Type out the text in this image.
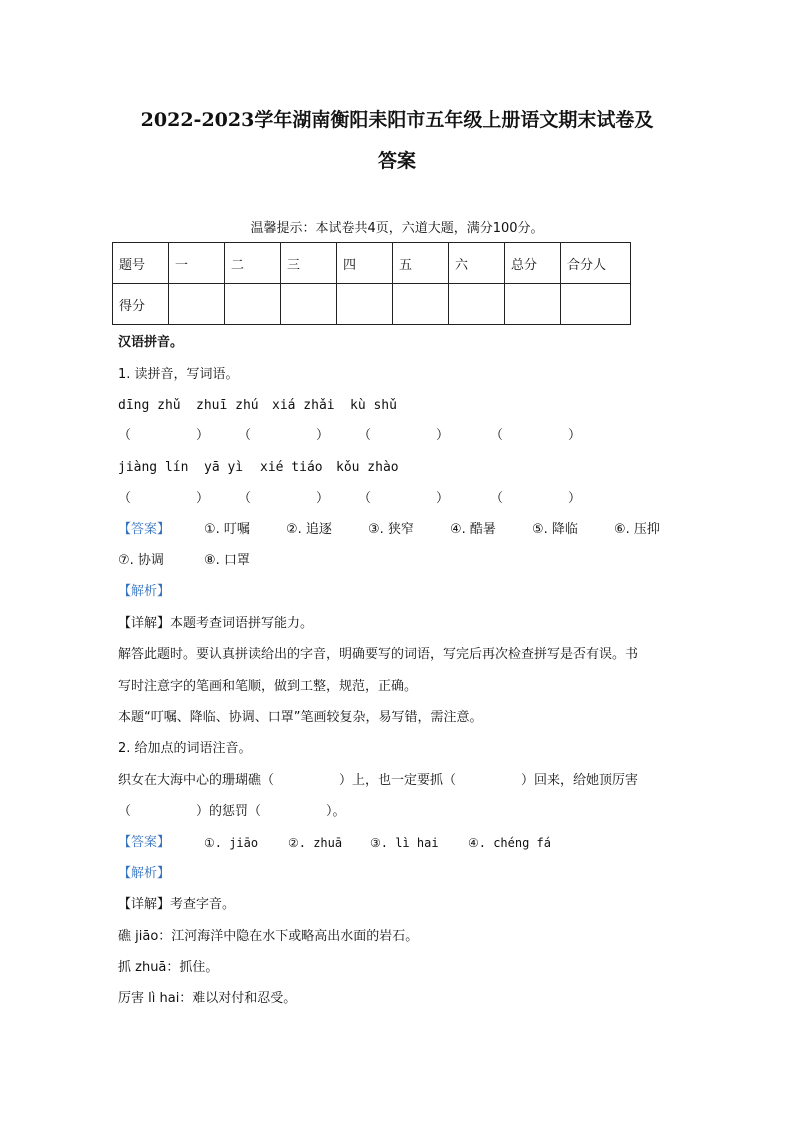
2022-2023学年湖南衡阳耒阳市五年级上册语文期末试卷及
答案
温馨提示：本试卷共4页，六道大题，满分100分。
题号	一	二	三	四	五	六	总分	合分人
得分								
汉语拼音。
1. 读拼音，写词语。
dīng zhǔ zhuī zhú xiá zhǎi kù shǔ
（　　　　　） （　　　　　） （　　　　　）	（　　　　　）
jiàng lín yā yì xié tiáo kǒu zhào
（　　　　　） （　　　　　） （　　　　　）	（　　　　　）
【答案】	①. 叮嘱	②. 追逐	③. 狭窄	④. 酷暑	⑤. 降临	⑥. 压抑
⑦. 协调	⑧. 口罩
【解析】
【详解】本题考查词语拼写能力。
解答此题时。要认真拼读给出的字音，明确要写的词语，写完后再次检查拼写是否有误。书
写时注意字的笔画和笔顺，做到工整，规范，正确。
本题“叮嘱、降临、协调、口罩”笔画较复杂，易写错，需注意。
2. 给加点的词语注音。
织女在大海中心的珊瑚礁（　　　　　）上，也一定要抓（　　　　　）回来，给她顶厉害
（　　　　　）的惩罚（　　　　　）。
【答案】	①. jiāo ②. zhuā ③. lì hai ④. chéng fá
【解析】
【详解】考查字音。
礁 jiāo：江河海洋中隐在水下或略高出水面的岩石。
抓 zhuā：抓住。
厉害 lì hai：难以对付和忍受。
